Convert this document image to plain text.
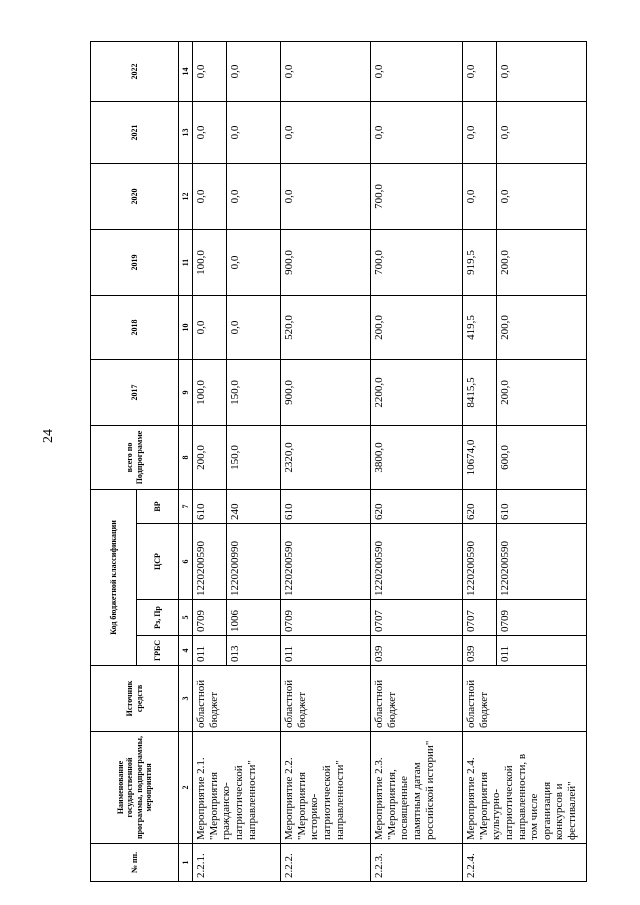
24
№ пп.	Наименование государственной программы, подпрограммы, мероприятия	Источник средств	Код бюджетной классификации				всего по Подпрограмме	2017	2018	2019	2020	2021	2022
			ГРБС	Рз, Пр	ЦСР	ВР							
1	2	3	4	5	6	7	8	9	10	11	12	13	14
2.2.1.	Мероприятие 2.1. "Мероприятия гражданско-патриотической направленности"	областной бюджет	011	0709	1220200590	610	200,0	100,0	0,0	100,0	0,0	0,0	0,0
			013	1006	1220200990	240	150,0	150,0	0,0	0,0	0,0	0,0	0,0
2.2.2.	Мероприятие 2.2. "Мероприятия историко-патриотической направленности"	областной бюджет	011	0709	1220200590	610	2320,0	900,0	520,0	900,0	0,0	0,0	0,0
2.2.3.	Мероприятие 2.3. "Мероприятия, посвященные памятным датам российской истории"	областной бюджет	039	0707	1220200590	620	3800,0	2200,0	200,0	700,0	700,0	0,0	0,0
2.2.4.	Мероприятие 2.4. "Мероприятия культурно-патриотической направленности, в том числе организация конкурсов и фестивалей"	областной бюджет	039	0707	1220200590	620	10674,0	8415,5	419,5	919,5	0,0	0,0	0,0
			011	0709	1220200590	610	600,0	200,0	200,0	200,0	0,0	0,0	0,0
